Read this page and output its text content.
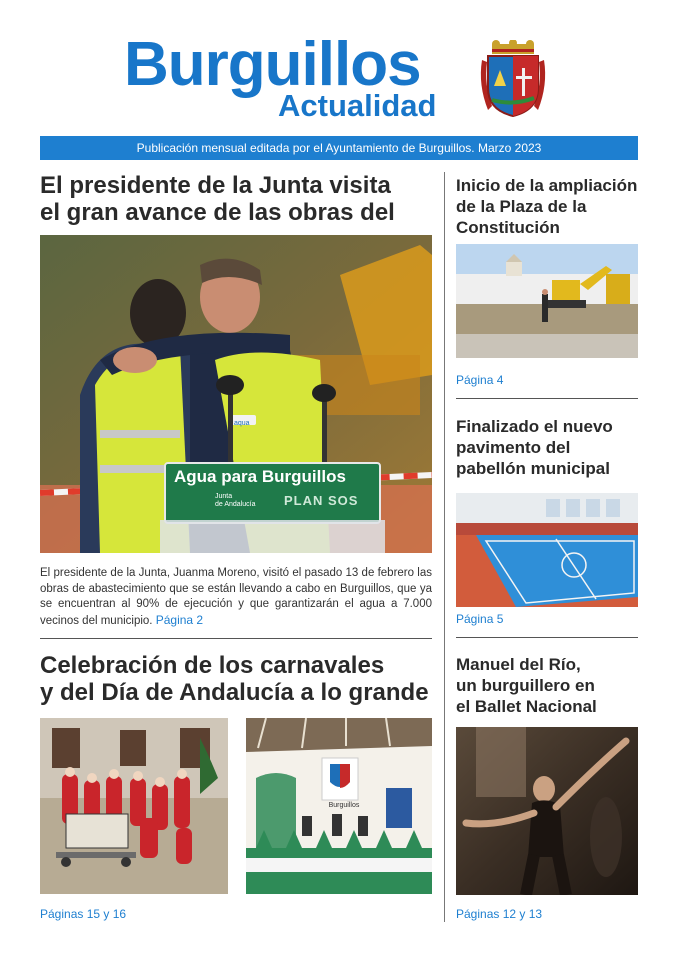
Burguillos
Actualidad
Publicación mensual editada por el Ayuntamiento de Burguillos. Marzo 2023
El presidente de la Junta visita
el gran avance de las obras del
Agua para Burguillos
Junta
de Andalucía PLAN SOS
aqua
El presidente de la Junta, Juanma Moreno, visitó el pasado 13 de febrero las obras de abastecimiento que se están llevando a cabo en Burguillos, que ya se encuentran al 90% de ejecución y que garantizarán el agua a 7.000 vecinos del municipio. Página 2
Celebración de los carnavales
y del Día de Andalucía a lo grande
Burguillos
Páginas 15 y 16
Inicio de la ampliación
de la Plaza de la
Constitución
Página 4
Finalizado el nuevo
pavimento del
pabellón municipal
Página 5
Manuel del Río,
un burguillero en
el Ballet Nacional
Páginas 12 y 13
